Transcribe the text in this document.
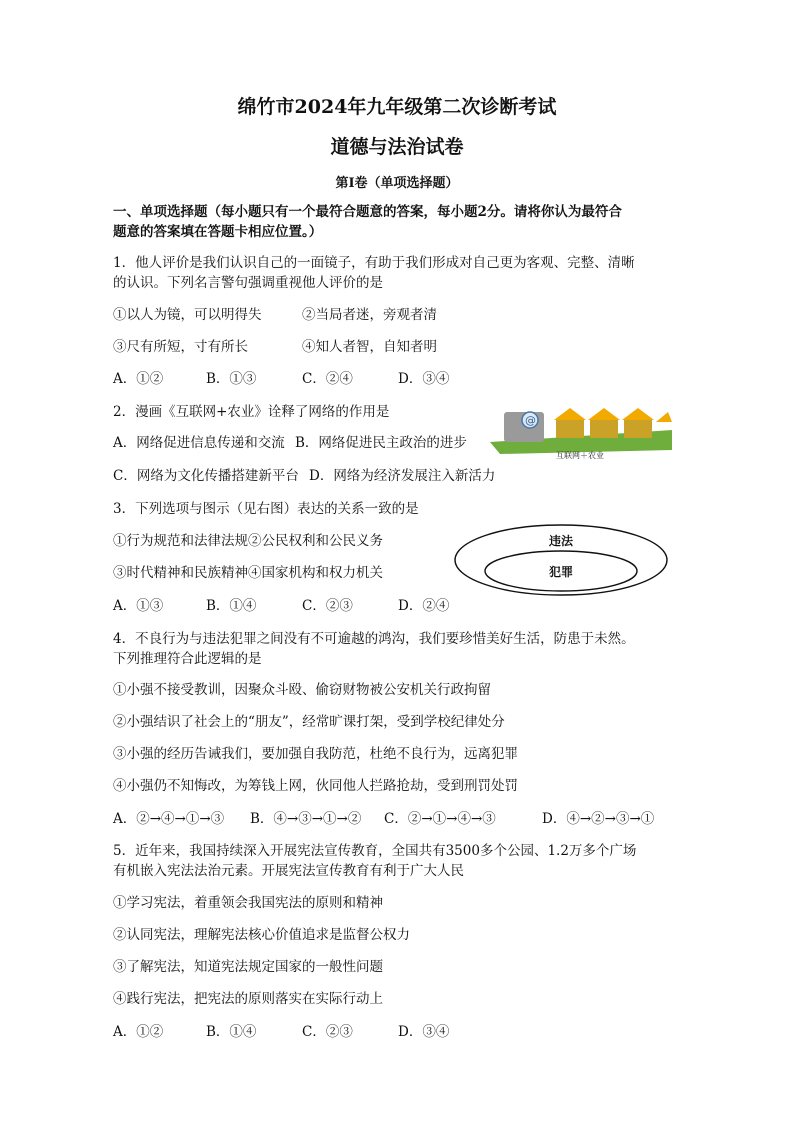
绵竹市2024年九年级第二次诊断考试
道德与法治试卷
第Ⅰ卷（单项选择题）
一、单项选择题（每小题只有一个最符合题意的答案，每小题2分。请将你认为最符合
题意的答案填在答题卡相应位置。）
1．他人评价是我们认识自己的一面镜子，有助于我们形成对自己更为客观、完整、清晰
的认识。下列名言警句强调重视他人评价的是
①以人为镜，可以明得失	②当局者迷，旁观者清
③尺有所短，寸有所长	④知人者智，自知者明
A．①②	B．①③	C．②④	D．③④
2．漫画《互联网+农业》诠释了网络的作用是
A．网络促进信息传递和交流 B．网络促进民主政治的进步
C．网络为文化传播搭建新平台 D．网络为经济发展注入新活力
@
互联网＋农业
3．下列选项与图示（见右图）表达的关系一致的是
①行为规范和法律法规②公民权利和公民义务
③时代精神和民族精神④国家机构和权力机关
A．①③	B．①④	C．②③	D．②④
违法
犯罪
4．不良行为与违法犯罪之间没有不可逾越的鸿沟，我们要珍惜美好生活，防患于未然。
下列推理符合此逻辑的是
①小强不接受教训，因聚众斗殴、偷窃财物被公安机关行政拘留
②小强结识了社会上的“朋友”，经常旷课打架，受到学校纪律处分
③小强的经历告诫我们，要加强自我防范，杜绝不良行为，远离犯罪
④小强仍不知悔改，为筹钱上网，伙同他人拦路抢劫，受到刑罚处罚
A．②→④→①→③ B．④→③→①→② C．②→①→④→③	D．④→②→③→①
5．近年来，我国持续深入开展宪法宣传教育，全国共有3500多个公园、1.2万多个广场
有机嵌入宪法法治元素。开展宪法宣传教育有利于广大人民
①学习宪法，着重领会我国宪法的原则和精神
②认同宪法，理解宪法核心价值追求是监督公权力
③了解宪法，知道宪法规定国家的一般性问题
④践行宪法，把宪法的原则落实在实际行动上
A．①②	B．①④	C．②③	D．③④
